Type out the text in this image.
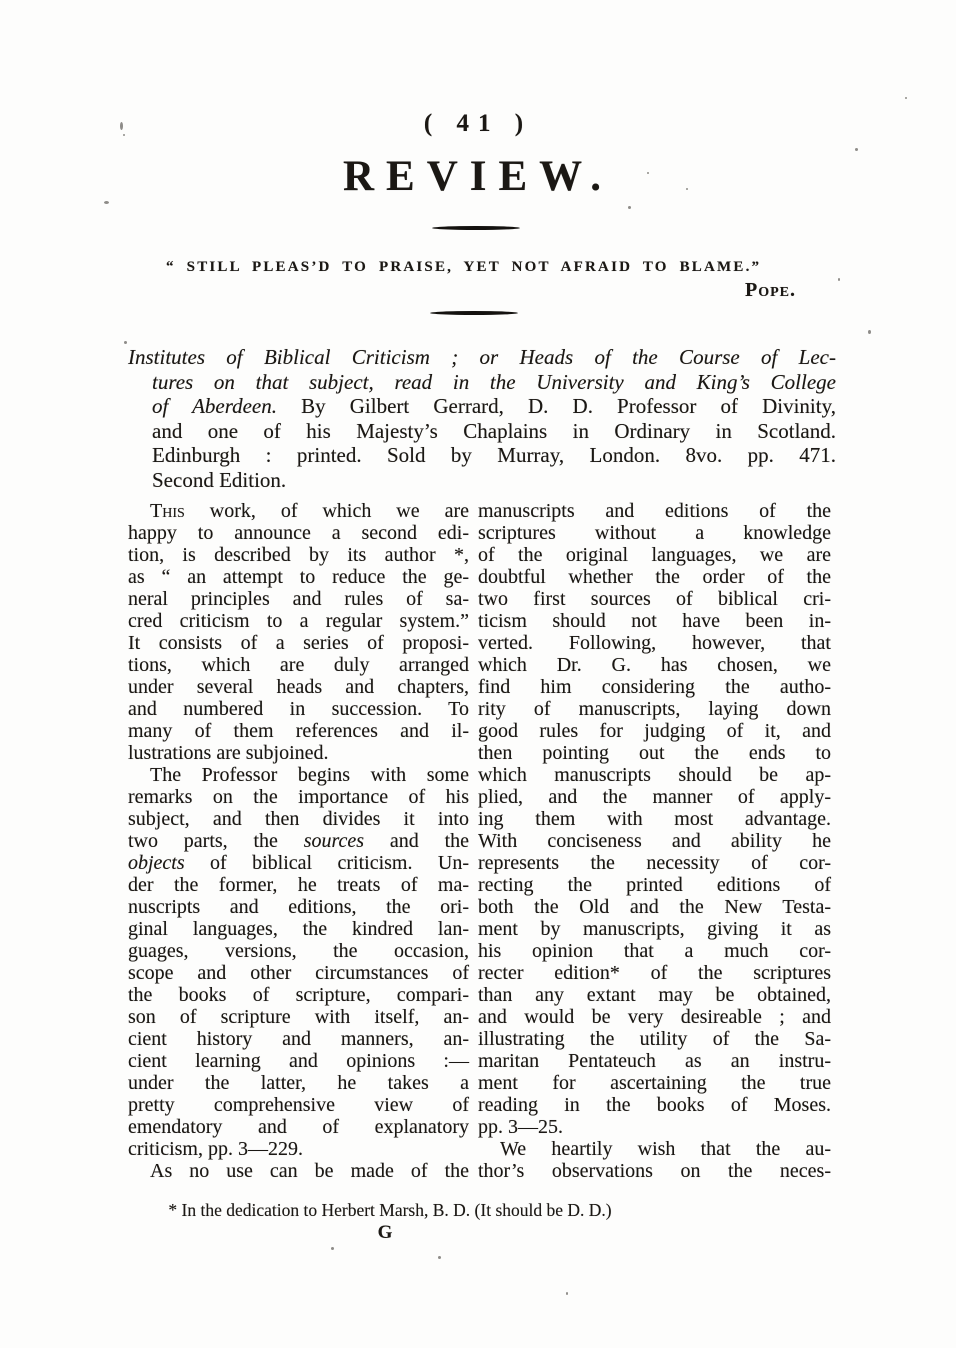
( 41 )
REVIEW.
“ STILL PLEAS’D TO PRAISE, YET NOT AFRAID TO BLAME.”
Pope.
Institutes of Biblical Criticism ; or Heads of the Course of Lec-
tures on that subject, read in the University and King’s College
of Aberdeen. By Gilbert Gerrard, D. D. Professor of Divinity,
and one of his Majesty’s Chaplains in Ordinary in Scotland.
Edinburgh : printed. Sold by Murray, London. 8vo. pp. 471.
Second Edition.
This work, of which we are
happy to announce a second edi-
tion, is described by its author *,
as “ an attempt to reduce the ge-
neral principles and rules of sa-
cred criticism to a regular system.”
It consists of a series of proposi-
tions, which are duly arranged
under several heads and chapters,
and numbered in succession. To
many of them references and il-
lustrations are subjoined.
The Professor begins with some
remarks on the importance of his
subject, and then divides it into
two parts, the sources and the
objects of biblical criticism. Un-
der the former, he treats of ma-
nuscripts and editions, the ori-
ginal languages, the kindred lan-
guages, versions, the occasion,
scope and other circumstances of
the books of scripture, compari-
son of scripture with itself, an-
cient history and manners, an-
cient learning and opinions :—
under the latter, he takes a
pretty comprehensive view of
emendatory and of explanatory
criticism, pp. 3—229.
As no use can be made of the
manuscripts and editions of the
scriptures without a knowledge
of the original languages, we are
doubtful whether the order of the
two first sources of biblical cri-
ticism should not have been in-
verted. Following, however, that
which Dr. G. has chosen, we
find him considering the autho-
rity of manuscripts, laying down
good rules for judging of it, and
then pointing out the ends to
which manuscripts should be ap-
plied, and the manner of apply-
ing them with most advantage.
With conciseness and ability he
represents the necessity of cor-
recting the printed editions of
both the Old and the New Testa-
ment by manuscripts, giving it as
his opinion that a much cor-
recter edition* of the scriptures
than any extant may be obtained,
and would be very desireable ; and
illustrating the utility of the Sa-
maritan Pentateuch as an instru-
ment for ascertaining the true
reading in the books of Moses.
pp. 3—25.
We heartily wish that the au-
thor’s observations on the neces-
* In the dedication to Herbert Marsh, B. D. (It should be D. D.)
G
